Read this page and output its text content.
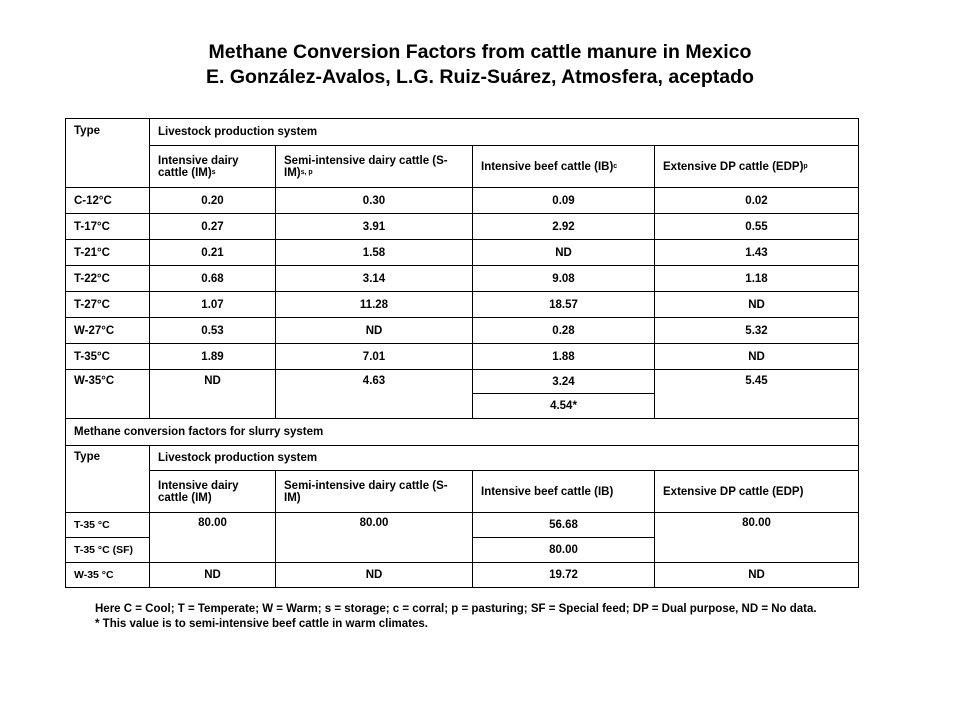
Methane Conversion Factors from cattle manure in Mexico
E. González-Avalos, L.G. Ruiz-Suárez, Atmosfera, aceptado
Type	Livestock production system			
	Intensive dairy cattle (IM)$^s$	Semi-intensive dairy cattle $(S-IM)^{s, p}$	Intensive beef cattle (IB)$^c$	Extensive DP cattle (EDP)$^p$
C-12°C	0.20	0.30	0.09	0.02
T-17°C	0.27	3.91	2.92	0.55
T-21°C	0.21	1.58	ND	1.43
T-22°C	0.68	3.14	9.08	1.18
T-27°C	1.07	11.28	18.57	ND
W-27°C	0.53	ND	0.28	5.32
T-35°C	1.89	7.01	1.88	ND
W-35°C	ND	4.63	3.24	5.45
			4.54*	
Methane conversion factors for slurry system				
Type	Livestock production system			
	Intensive dairy cattle (IM)	Semi-intensive dairy cattle (S-IM)	Intensive beef cattle (IB)	Extensive DP cattle (EDP)
T-35 °C	80.00	80.00	56.68	80.00
T-35 °C (SF)			80.00	
W-35 °C	ND	ND	19.72	ND
Here C = Cool; T = Temperate; W = Warm; s = storage; c = corral; p = pasturing; SF = Special feed; DP = Dual purpose, ND = No data.
* This value is to semi-intensive beef cattle in warm climates.
